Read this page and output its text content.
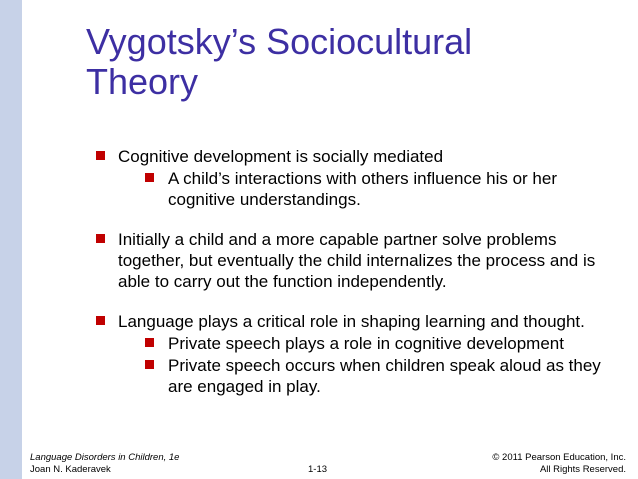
Vygotsky’s Sociocultural
Theory
Cognitive development is socially mediated
A child’s interactions with others influence his or her cognitive understandings.
Initially a child and a more capable partner solve problems together, but eventually the child internalizes the process and is able to carry out the function independently.
Language plays a critical role in shaping learning and thought.
Private speech plays a role in cognitive development
Private speech occurs when children speak aloud as they are engaged in play.
Language Disorders in Children, 1e
Joan N. Kaderavek	1-13
© 2011 Pearson Education, Inc.
All Rights Reserved.
